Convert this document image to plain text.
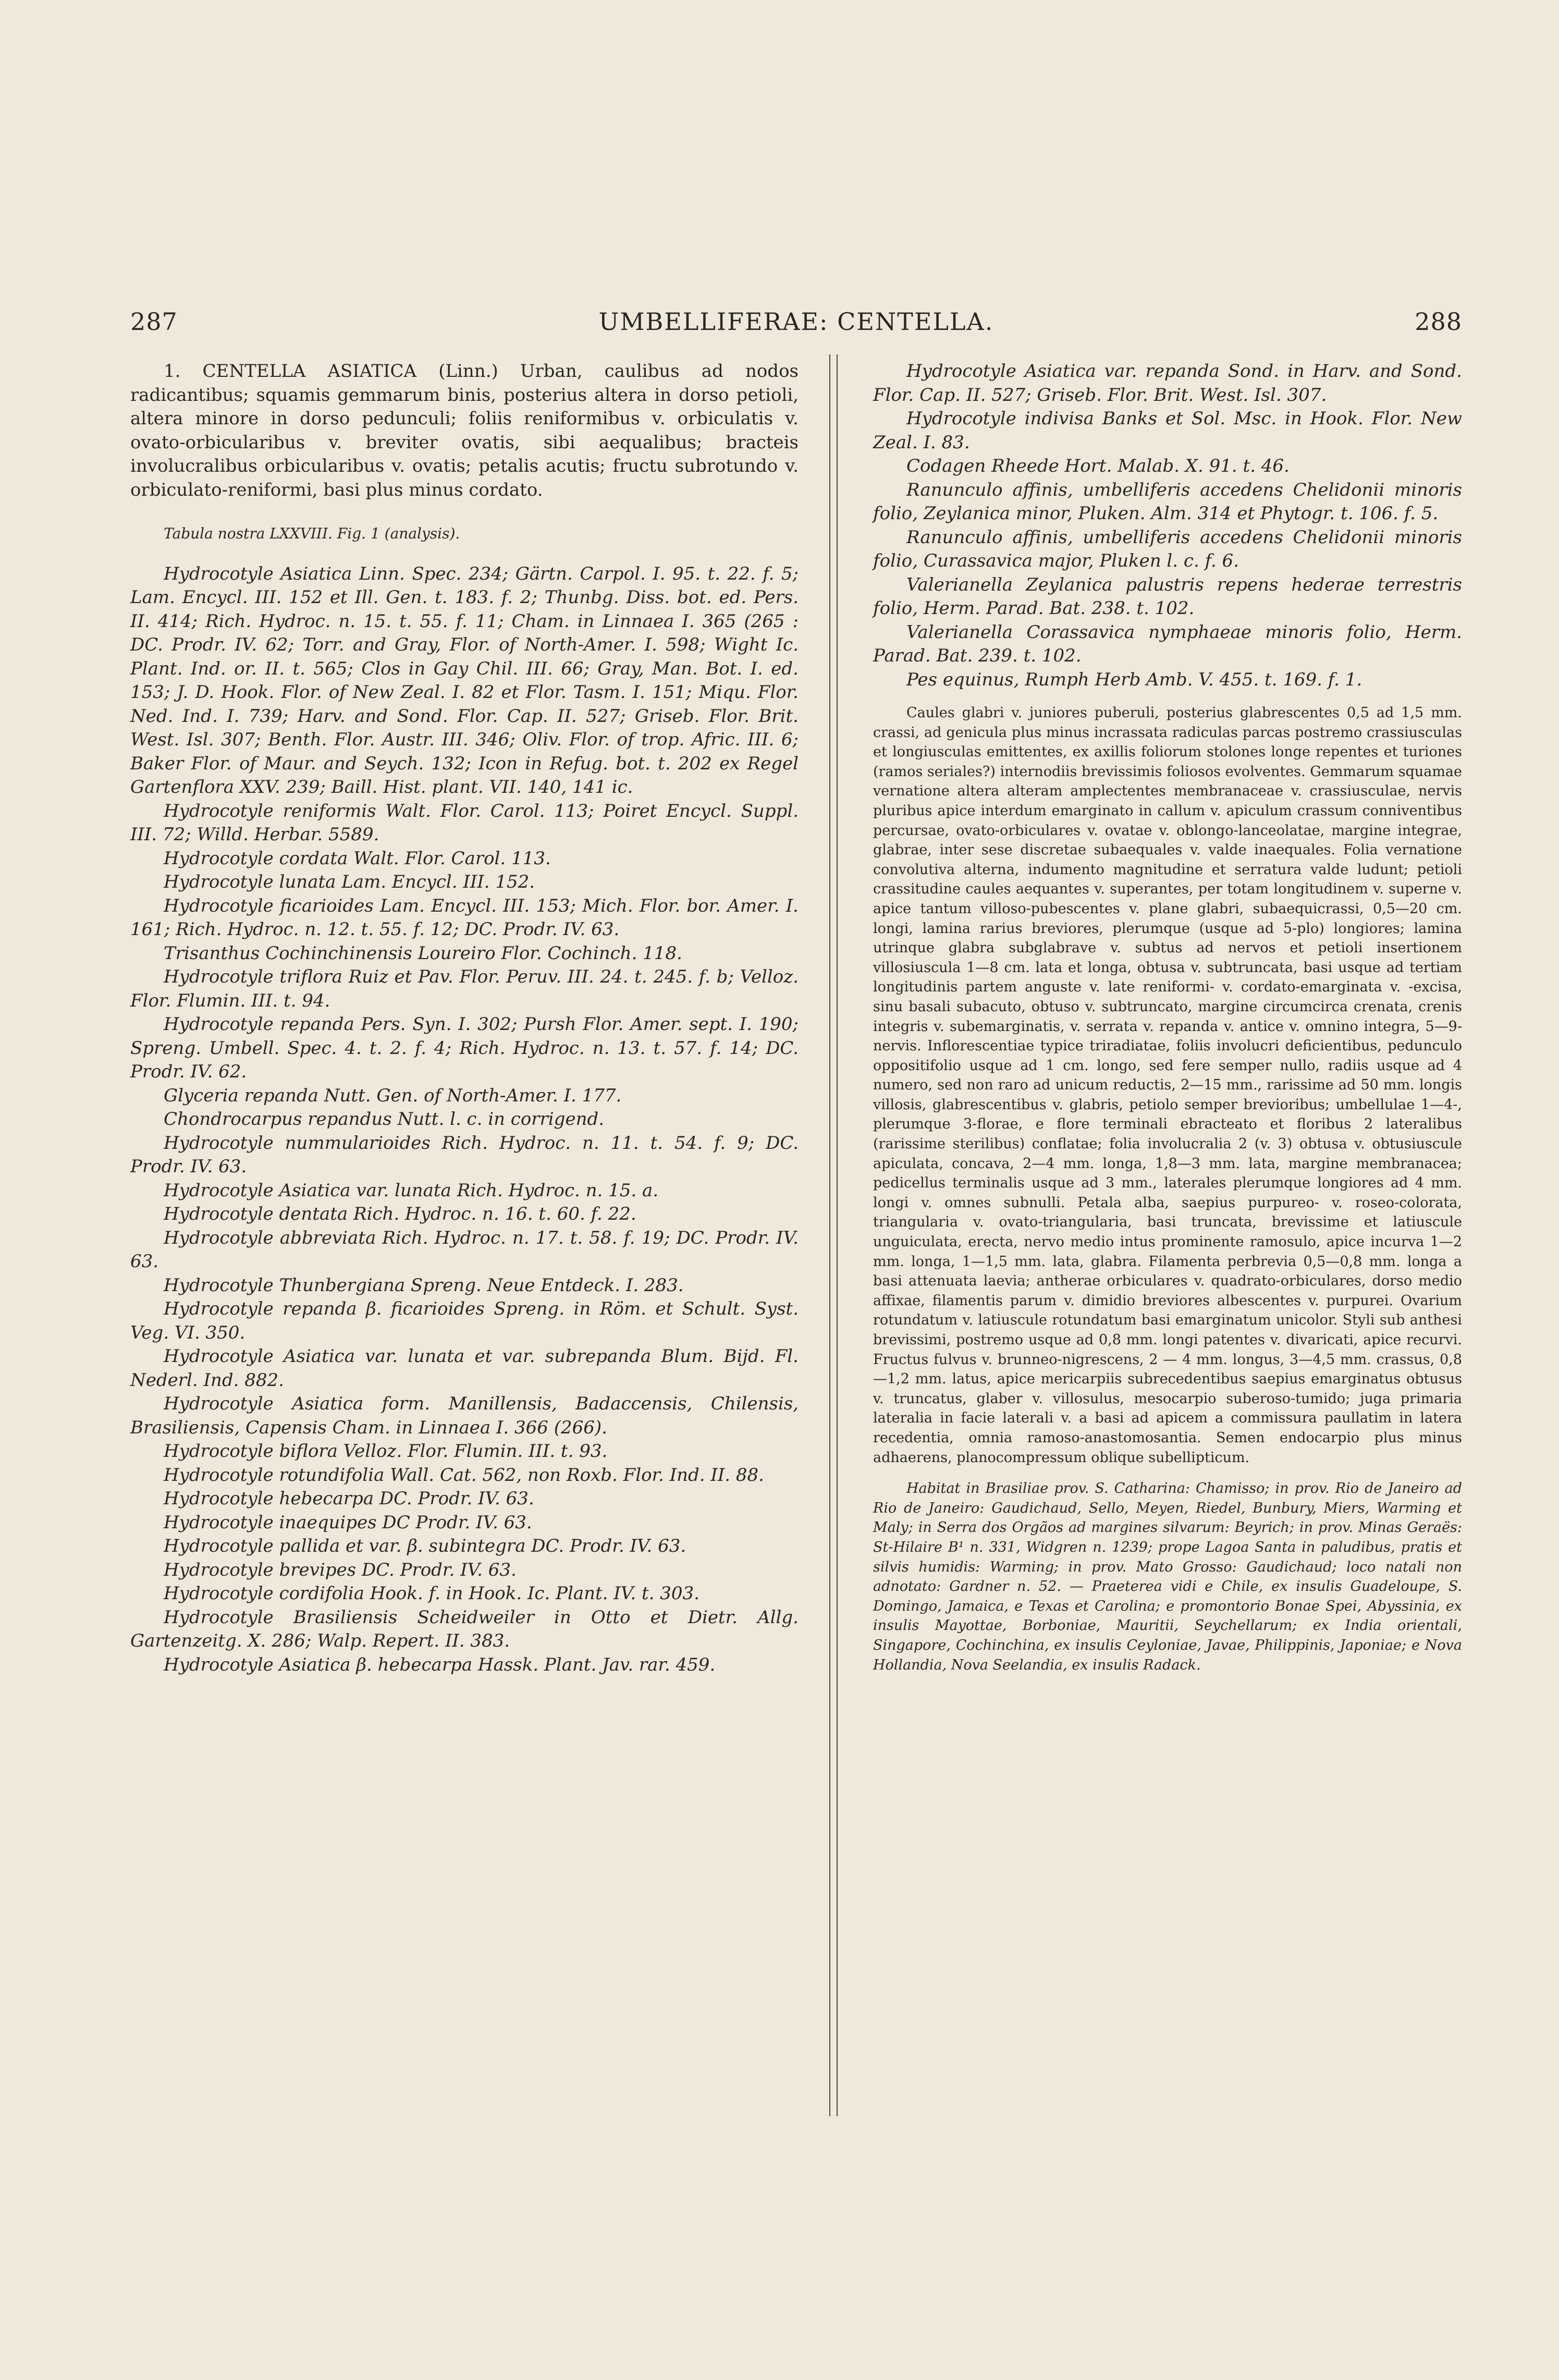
287	UMBELLIFERAE: CENTELLA.	288

1. CENTELLA ASIATICA (Linn.) Urban, caulibus ad nodos radicantibus; squamis gemmarum binis, posterius altera in dorso petioli, altera minore in dorso pedunculi; foliis reniformibus v. orbiculatis v. ovato-orbicularibus v. breviter ovatis, sibi aequalibus; bracteis involucralibus orbicularibus v. ovatis; petalis acutis; fructu subrotundo v. orbiculato-reniformi, basi plus minus cordato.

Tabula nostra LXXVIII. Fig. 1 (analysis).

Hydrocotyle Asiatica Linn. Spec. 234; Gärtn. Carpol. I. 95. t. 22. f. 5; Lam. Encycl. III. 152 et Ill. Gen. t. 183. f. 2; Thunbg. Diss. bot. ed. Pers. II. 414; Rich. Hydroc. n. 15. t. 55. f. 11; Cham. in Linnaea I. 365 (265 : DC. Prodr. IV. 62; Torr. and Gray, Flor. of North-Amer. I. 598; Wight Ic. Plant. Ind. or. II. t. 565; Clos in Gay Chil. III. 66; Gray, Man. Bot. I. ed. 153; J. D. Hook. Flor. of New Zeal. I. 82 et Flor. Tasm. I. 151; Miqu. Flor. Ned. Ind. I. 739; Harv. and Sond. Flor. Cap. II. 527; Griseb. Flor. Brit. West. Isl. 307; Benth. Flor. Austr. III. 346; Oliv. Flor. of trop. Afric. III. 6; Baker Flor. of Maur. and Seych. 132; Icon in Refug. bot. t. 202 ex Regel Gartenflora XXV. 239; Baill. Hist. plant. VII. 140, 141 ic.

Hydrocotyle reniformis Walt. Flor. Carol. 113; Poiret Encycl. Suppl. III. 72; Willd. Herbar. 5589.

Hydrocotyle cordata Walt. Flor. Carol. 113.

Hydrocotyle lunata Lam. Encycl. III. 152.

Hydrocotyle ficarioides Lam. Encycl. III. 153; Mich. Flor. bor. Amer. I. 161; Rich. Hydroc. n. 12. t. 55. f. 12; DC. Prodr. IV. 63.

Trisanthus Cochinchinensis Loureiro Flor. Cochinch. 118.

Hydrocotyle triflora Ruiz et Pav. Flor. Peruv. III. 24. t. 245. f. b; Velloz. Flor. Flumin. III. t. 94.

Hydrocotyle repanda Pers. Syn. I. 302; Pursh Flor. Amer. sept. I. 190; Spreng. Umbell. Spec. 4. t. 2. f. 4; Rich. Hydroc. n. 13. t. 57. f. 14; DC. Prodr. IV. 62.

Glyceria repanda Nutt. Gen. of North-Amer. I. 177.

Chondrocarpus repandus Nutt. l. c. in corrigend.

Hydrocotyle nummularioides Rich. Hydroc. n. 11. t. 54. f. 9; DC. Prodr. IV. 63.

Hydrocotyle Asiatica var. lunata Rich. Hydroc. n. 15. a.

Hydrocotyle dentata Rich. Hydroc. n. 16. t. 60. f. 22.

Hydrocotyle abbreviata Rich. Hydroc. n. 17. t. 58. f. 19; DC. Prodr. IV. 63.

Hydrocotyle Thunbergiana Spreng. Neue Entdeck. I. 283.

Hydrocotyle repanda β. ficarioides Spreng. in Röm. et Schult. Syst. Veg. VI. 350.

Hydrocotyle Asiatica var. lunata et var. subrepanda Blum. Bijd. Fl. Nederl. Ind. 882.

Hydrocotyle Asiatica form. Manillensis, Badaccensis, Chilensis, Brasiliensis, Capensis Cham. in Linnaea I. 366 (266).

Hydrocotyle biflora Velloz. Flor. Flumin. III. t. 93.

Hydrocotyle rotundifolia Wall. Cat. 562, non Roxb. Flor. Ind. II. 88.

Hydrocotyle hebecarpa DC. Prodr. IV. 63.

Hydrocotyle inaequipes DC Prodr. IV. 63.

Hydrocotyle pallida et var. β. subintegra DC. Prodr. IV. 63.

Hydrocotyle brevipes DC. Prodr. IV. 63.

Hydrocotyle cordifolia Hook. f. in Hook. Ic. Plant. IV. t. 303.

Hydrocotyle Brasiliensis Scheidweiler in Otto et Dietr. Allg. Gartenzeitg. X. 286; Walp. Repert. II. 383.

Hydrocotyle Asiatica β. hebecarpa Hassk. Plant. Jav. rar. 459.

Hydrocotyle Asiatica var. repanda Sond. in Harv. and Sond. Flor. Cap. II. 527; Griseb. Flor. Brit. West. Isl. 307.

Hydrocotyle indivisa Banks et Sol. Msc. in Hook. Flor. New Zeal. I. 83.

Codagen Rheede Hort. Malab. X. 91. t. 46.

Ranunculo affinis, umbelliferis accedens Chelidonii minoris folio, Zeylanica minor, Pluken. Alm. 314 et Phytogr. t. 106. f. 5.

Ranunculo affinis, umbelliferis accedens Chelidonii minoris folio, Curassavica major, Pluken l. c. f. 6.

Valerianella Zeylanica palustris repens hederae terrestris folio, Herm. Parad. Bat. 238. t. 102.

Valerianella Corassavica nymphaeae minoris folio, Herm. Parad. Bat. 239. t. 102.

Pes equinus, Rumph Herb Amb. V. 455. t. 169. f. 1.

Caules glabri v. juniores puberuli, posterius glabrescentes 0,5 ad 1,5 mm. crassi, ad genicula plus minus incrassata radiculas parcas postremo crassiusculas et longiusculas emittentes, ex axillis foliorum stolones longe repentes et turiones (ramos seriales?) internodiis brevissimis foliosos evolventes. Gemmarum squamae vernatione altera alteram amplectentes membranaceae v. crassiusculae, nervis pluribus apice interdum emarginato in callum v. apiculum crassum conniventibus percursae, ovato-orbiculares v. ovatae v. oblongo-lanceolatae, margine integrae, glabrae, inter sese discretae subaequales v. valde inaequales. Folia vernatione convolutiva alterna, indumento magnitudine et serratura valde ludunt; petioli crassitudine caules aequantes v. superantes, per totam longitudinem v. superne v. apice tantum villoso-pubescentes v. plane glabri, subaequicrassi, 0,5—20 cm. longi, lamina rarius breviores, plerumque (usque ad 5-plo) longiores; lamina utrinque glabra subglabrave v. subtus ad nervos et petioli insertionem villosiuscula 1—8 cm. lata et longa, obtusa v. subtruncata, basi usque ad tertiam longitudinis partem anguste v. late reniformi- v. cordato-emarginata v. -excisa, sinu basali subacuto, obtuso v. subtruncato, margine circumcirca crenata, crenis integris v. subemarginatis, v. serrata v. repanda v. antice v. omnino integra, 5—9-nervis. Inflorescentiae typice triradiatae, foliis involucri deficientibus, pedunculo oppositifolio usque ad 1 cm. longo, sed fere semper nullo, radiis usque ad 4 numero, sed non raro ad unicum reductis, 2—15 mm., rarissime ad 50 mm. longis villosis, glabrescentibus v. glabris, petiolo semper brevioribus; umbellulae 1—4-, plerumque 3-florae, e flore terminali ebracteato et floribus 2 lateralibus (rarissime sterilibus) conflatae; folia involucralia 2 (v. 3) obtusa v. obtusiuscule apiculata, concava, 2—4 mm. longa, 1,8—3 mm. lata, margine membranacea; pedicellus terminalis usque ad 3 mm., laterales plerumque longiores ad 4 mm. longi v. omnes subnulli. Petala alba, saepius purpureo- v. roseo-colorata, triangularia v. ovato-triangularia, basi truncata, brevissime et latiuscule unguiculata, erecta, nervo medio intus prominente ramosulo, apice incurva 1—2 mm. longa, 1—1,5 mm. lata, glabra. Filamenta perbrevia 0,5—0,8 mm. longa a basi attenuata laevia; antherae orbiculares v. quadrato-orbiculares, dorso medio affixae, filamentis parum v. dimidio breviores albescentes v. purpurei. Ovarium rotundatum v. latiuscule rotundatum basi emarginatum unicolor. Styli sub anthesi brevissimi, postremo usque ad 0,8 mm. longi patentes v. divaricati, apice recurvi. Fructus fulvus v. brunneo-nigrescens, 2 — 4 mm. longus, 3—4,5 mm. crassus, 0,8—1,2 mm. latus, apice mericarpiis subrecedentibus saepius emarginatus obtusus v. truncatus, glaber v. villosulus, mesocarpio suberoso-tumido; juga primaria lateralia in facie laterali v. a basi ad apicem a commissura paullatim in latera recedentia, omnia ramoso-anastomosantia. Semen endocarpio plus minus adhaerens, planocompressum oblique subellipticum.

Habitat in Brasiliae prov. S. Catharina: Chamisso; in prov. Rio de Janeiro ad Rio de Janeiro: Gaudichaud, Sello, Meyen, Riedel, Bunbury, Miers, Warming et Maly; in Serra dos Orgãos ad margines silvarum: Beyrich; in prov. Minas Geraës: St-Hilaire B¹ n. 331, Widgren n. 1239; prope Lagoa Santa in paludibus, pratis et silvis humidis: Warming; in prov. Mato Grosso: Gaudichaud; loco natali non adnotato: Gardner n. 52. — Praeterea vidi e Chile, ex insulis Guadeloupe, S. Domingo, Jamaica, e Texas et Carolina; e promontorio Bonae Spei, Abyssinia, ex insulis Mayottae, Borboniae, Mauritii, Seychellarum; ex India orientali, Singapore, Cochinchina, ex insulis Ceyloniae, Javae, Philippinis, Japoniae; e Nova Hollandia, Nova Seelandia, ex insulis Radack.
